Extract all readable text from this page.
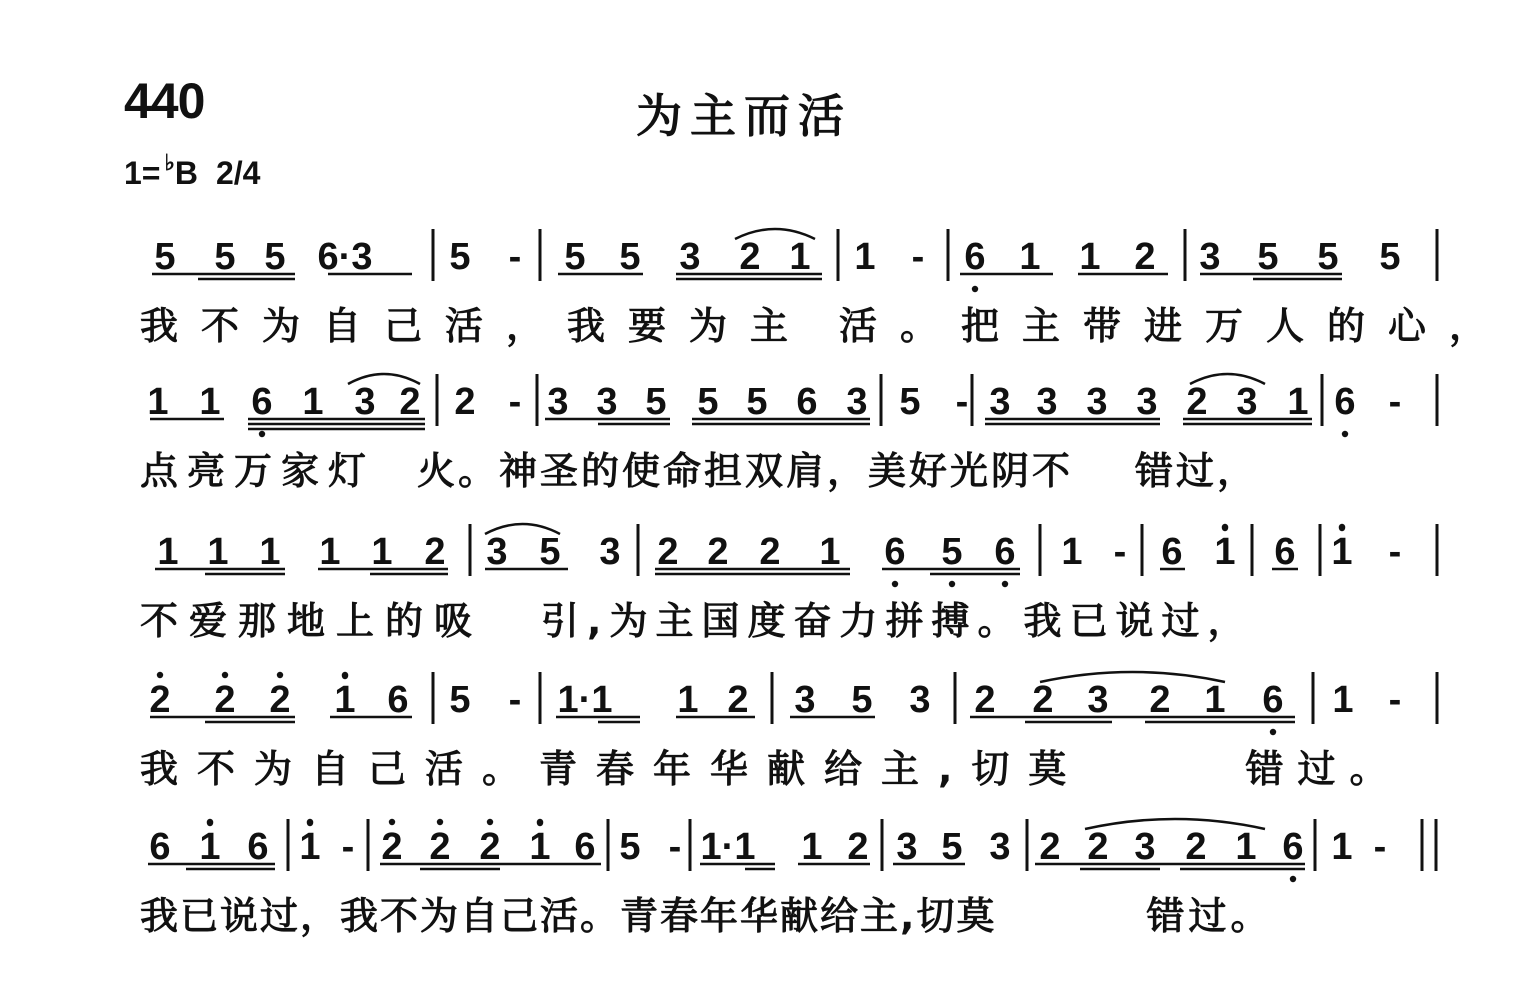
440	为主而活
1= ♭B 2/4
5 5 5 6·3 5 - 5 5 3 2 1 1 - 6 1 1 2 3 5 5 5
我不为自己活，我要为主 活。把主带进万人的心，
1 1 6 1 3 2 2 - 3 3 5 5 5 6 3 5 - 3 3 3 3 2 3 1 6 -
点亮万家灯 火。神圣的使命担双肩，美好光阴不 错过，
1 1 1 1 1 2 3 5 3 2 2 2 1 6 5 6 1 - 6 1 6 1 -
不爱那地上的吸 引,为主国度奋力拼搏。我已说过，
2 2 2 1 6 5 - 1·1 1 2 3 5 3 2 2 3 2 1 6 1 -
我不为自己活。青春年华献给主,切莫	错过。
6 1 6 1 - 2 2 2 1 6 5 - 1·1 1 2 3 5 3 2 2 3 2 1 6 1 -
我已说过，我不为自己活。青春年华献给主,切莫	错过。
